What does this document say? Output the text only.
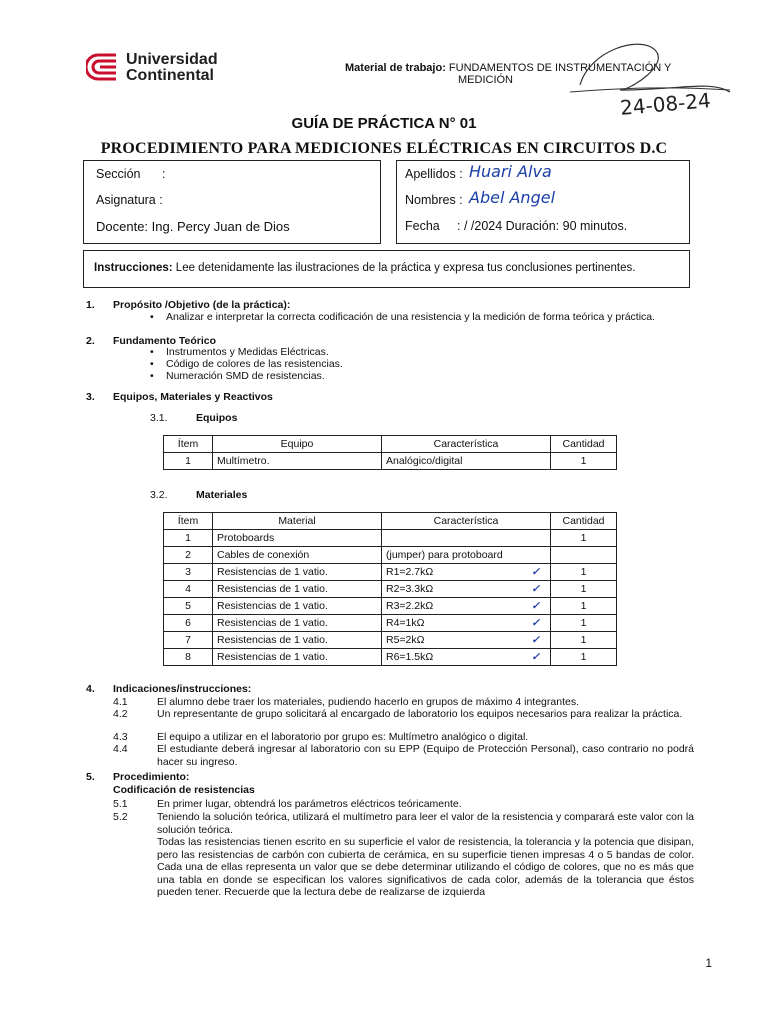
Universidad
Continental	Material de trabajo: FUNDAMENTOS DE INSTRUMENTACIÓN Y
MEDICIÓN
24-08-24
GUÍA DE PRÁCTICA N° 01
PROCEDIMIENTO PARA MEDICIONES ELÉCTRICAS EN CIRCUITOS D.C
Sección :
Asignatura :
Docente: Ing. Percy Juan de Dios
Apellidos : Huari Alva
Nombres : Abel Angel
Fecha : / /2024 Duración: 90 minutos.
Instrucciones: Lee detenidamente las ilustraciones de la práctica y expresa tus conclusiones pertinentes.
1. Propósito /Objetivo (de la práctica):
• Analizar e interpretar la correcta codificación de una resistencia y la medición de forma teórica y práctica.
2. Fundamento Teórico
• Instrumentos y Medidas Eléctricas.
• Código de colores de las resistencias.
• Numeración SMD de resistencias.
3. Equipos, Materiales y Reactivos
3.1.	Equipos
Ítem	Equipo	Característica	Cantidad
1	Multímetro.	Analógico/digital	1
3.2.	Materiales
Ítem	Material	Característica	Cantidad
1	Protoboards		1
2	Cables de conexión	(jumper) para protoboard	
3	Resistencias de 1 vatio.	R1=2.7kΩ ✓	1
4	Resistencias de 1 vatio.	R2=3.3kΩ ✓	1
5	Resistencias de 1 vatio.	R3=2.2kΩ ✓	1
6	Resistencias de 1 vatio.	R4=1kΩ ✓	1
7	Resistencias de 1 vatio.	R5=2kΩ ✓	1
8	Resistencias de 1 vatio.	R6=1.5kΩ ✓	1
4. Indicaciones/instrucciones:
4.1	El alumno debe traer los materiales, pudiendo hacerlo en grupos de máximo 4 integrantes.
4.2	Un representante de grupo solicitará al encargado de laboratorio los equipos necesarios para realizar la práctica.
4.3	El equipo a utilizar en el laboratorio por grupo es: Multímetro analógico o digital.
4.4	El estudiante deberá ingresar al laboratorio con su EPP (Equipo de Protección Personal), caso contrario no podrá hacer su ingreso.
5. Procedimiento:
Codificación de resistencias
5.1	En primer lugar, obtendrá los parámetros eléctricos teóricamente.
5.2	Teniendo la solución teórica, utilizará el multímetro para leer el valor de la resistencia y comparará este valor con la solución teórica.
Todas las resistencias tienen escrito en su superficie el valor de resistencia, la tolerancia y la potencia que disipan, pero las resistencias de carbón con cubierta de cerámica, en su superficie tienen impresas 4 o 5 bandas de color. Cada una de ellas representa un valor que se debe determinar utilizando el código de colores, que no es más que una tabla en donde se especifican los valores significativos de cada color, además de la tolerancia que éstos pueden tener. Recuerde que la lectura debe de realizarse de izquierda
1
